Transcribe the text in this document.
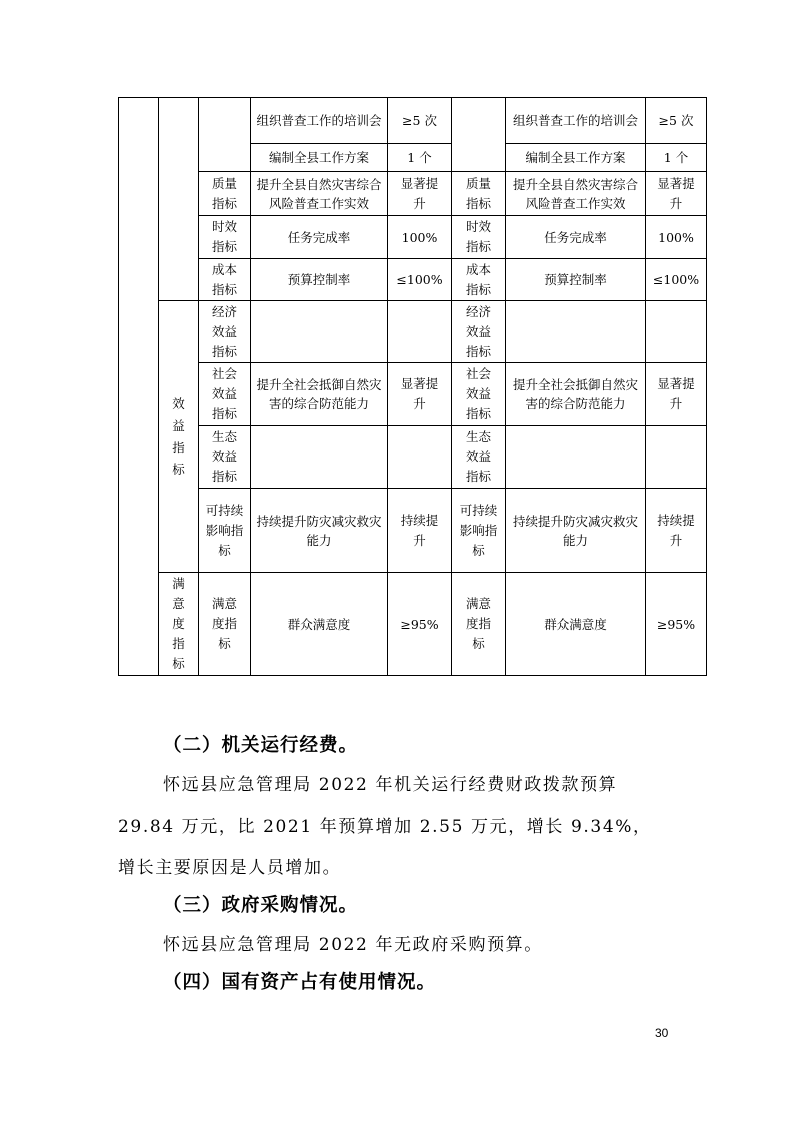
			组织普查工作的培训会	≥5 次		组织普查工作的培训会	≥5 次
			编制全县工作方案	1 个		编制全县工作方案	1 个
		质量指标	提升全县自然灾害综合风险普查工作实效	显著提升	质量指标	提升全县自然灾害综合风险普查工作实效	显著提升
		时效指标	任务完成率	100%	时效指标	任务完成率	100%
		成本指标	预算控制率	≤100%	成本指标	预算控制率	≤100%
	效益指标	经济效益指标			经济效益指标		
		社会效益指标	提升全社会抵御自然灾害的综合防范能力	显著提升	社会效益指标	提升全社会抵御自然灾害的综合防范能力	显著提升
		生态效益指标			生态效益指标		
		可持续影响指标	持续提升防灾减灾救灾能力	持续提升	可持续影响指标	持续提升防灾减灾救灾能力	持续提升
	满意度指标	满意度指标	群众满意度	≥95%	满意度指标	群众满意度	≥95%
（二）机关运行经费。
怀远县应急管理局 2022 年机关运行经费财政拨款预算
29.84 万元，比 2021 年预算增加 2.55 万元，增长 9.34%，
增长主要原因是人员增加。
（三）政府采购情况。
怀远县应急管理局 2022 年无政府采购预算。
（四）国有资产占有使用情况。
30
